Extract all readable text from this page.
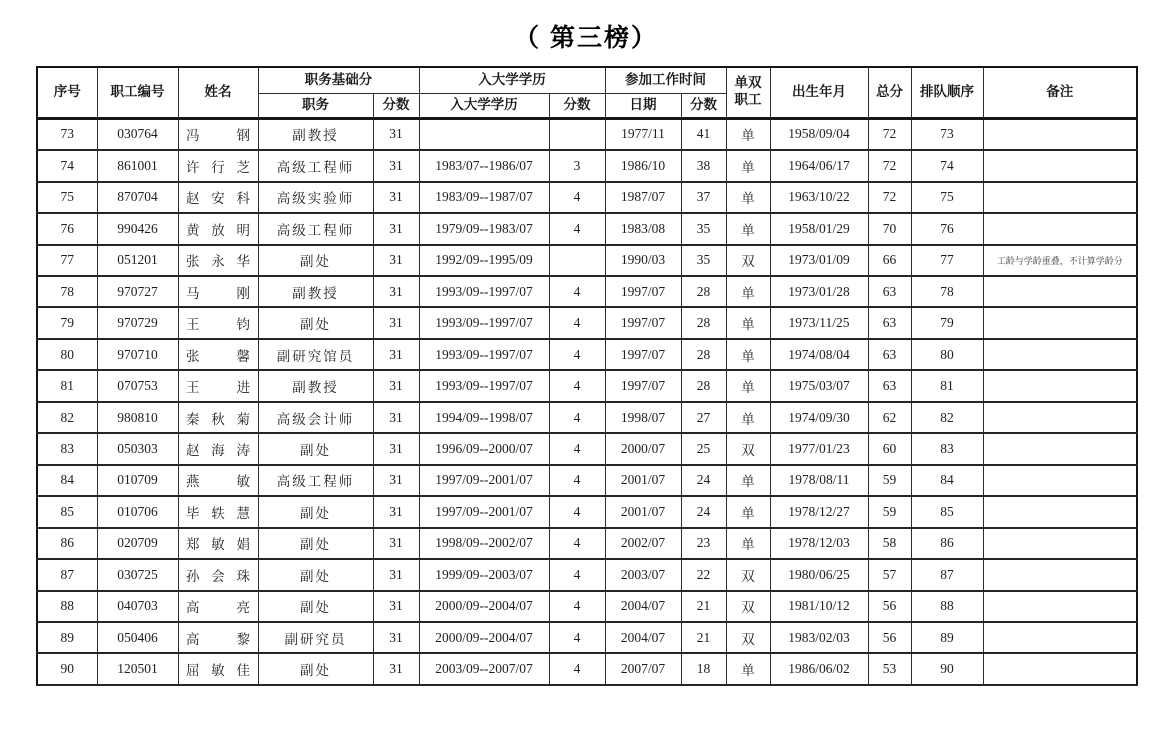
（ 第三榜）
序号	职工编号	姓名	职务基础分		入大学学历		参加工作时间		单双职工	出生年月	总分	排队顺序	备注
			职务	分数	入大学学历	分数	日期	分数					
73	030764	冯钢	副教授	31			1977/11	41	单	1958/09/04	72	73	
74	861001	许行芝	高级工程师	31	1983/07--1986/07	3	1986/10	38	单	1964/06/17	72	74	
75	870704	赵安科	高级实验师	31	1983/09--1987/07	4	1987/07	37	单	1963/10/22	72	75	
76	990426	黄放明	高级工程师	31	1979/09--1983/07	4	1983/08	35	单	1958/01/29	70	76	
77	051201	张永华	副处	31	1992/09--1995/09		1990/03	35	双	1973/01/09	66	77	工龄与学龄重叠，不计算学龄分
78	970727	马刚	副教授	31	1993/09--1997/07	4	1997/07	28	单	1973/01/28	63	78	
79	970729	王钧	副处	31	1993/09--1997/07	4	1997/07	28	单	1973/11/25	63	79	
80	970710	张馨	副研究馆员	31	1993/09--1997/07	4	1997/07	28	单	1974/08/04	63	80	
81	070753	王进	副教授	31	1993/09--1997/07	4	1997/07	28	单	1975/03/07	63	81	
82	980810	秦秋菊	高级会计师	31	1994/09--1998/07	4	1998/07	27	单	1974/09/30	62	82	
83	050303	赵海涛	副处	31	1996/09--2000/07	4	2000/07	25	双	1977/01/23	60	83	
84	010709	燕敏	高级工程师	31	1997/09--2001/07	4	2001/07	24	单	1978/08/11	59	84	
85	010706	毕轶慧	副处	31	1997/09--2001/07	4	2001/07	24	单	1978/12/27	59	85	
86	020709	郑敏娟	副处	31	1998/09--2002/07	4	2002/07	23	单	1978/12/03	58	86	
87	030725	孙会珠	副处	31	1999/09--2003/07	4	2003/07	22	双	1980/06/25	57	87	
88	040703	高亮	副处	31	2000/09--2004/07	4	2004/07	21	双	1981/10/12	56	88	
89	050406	高黎	副研究员	31	2000/09--2004/07	4	2004/07	21	双	1983/02/03	56	89	
90	120501	屈敏佳	副处	31	2003/09--2007/07	4	2007/07	18	单	1986/06/02	53	90	
